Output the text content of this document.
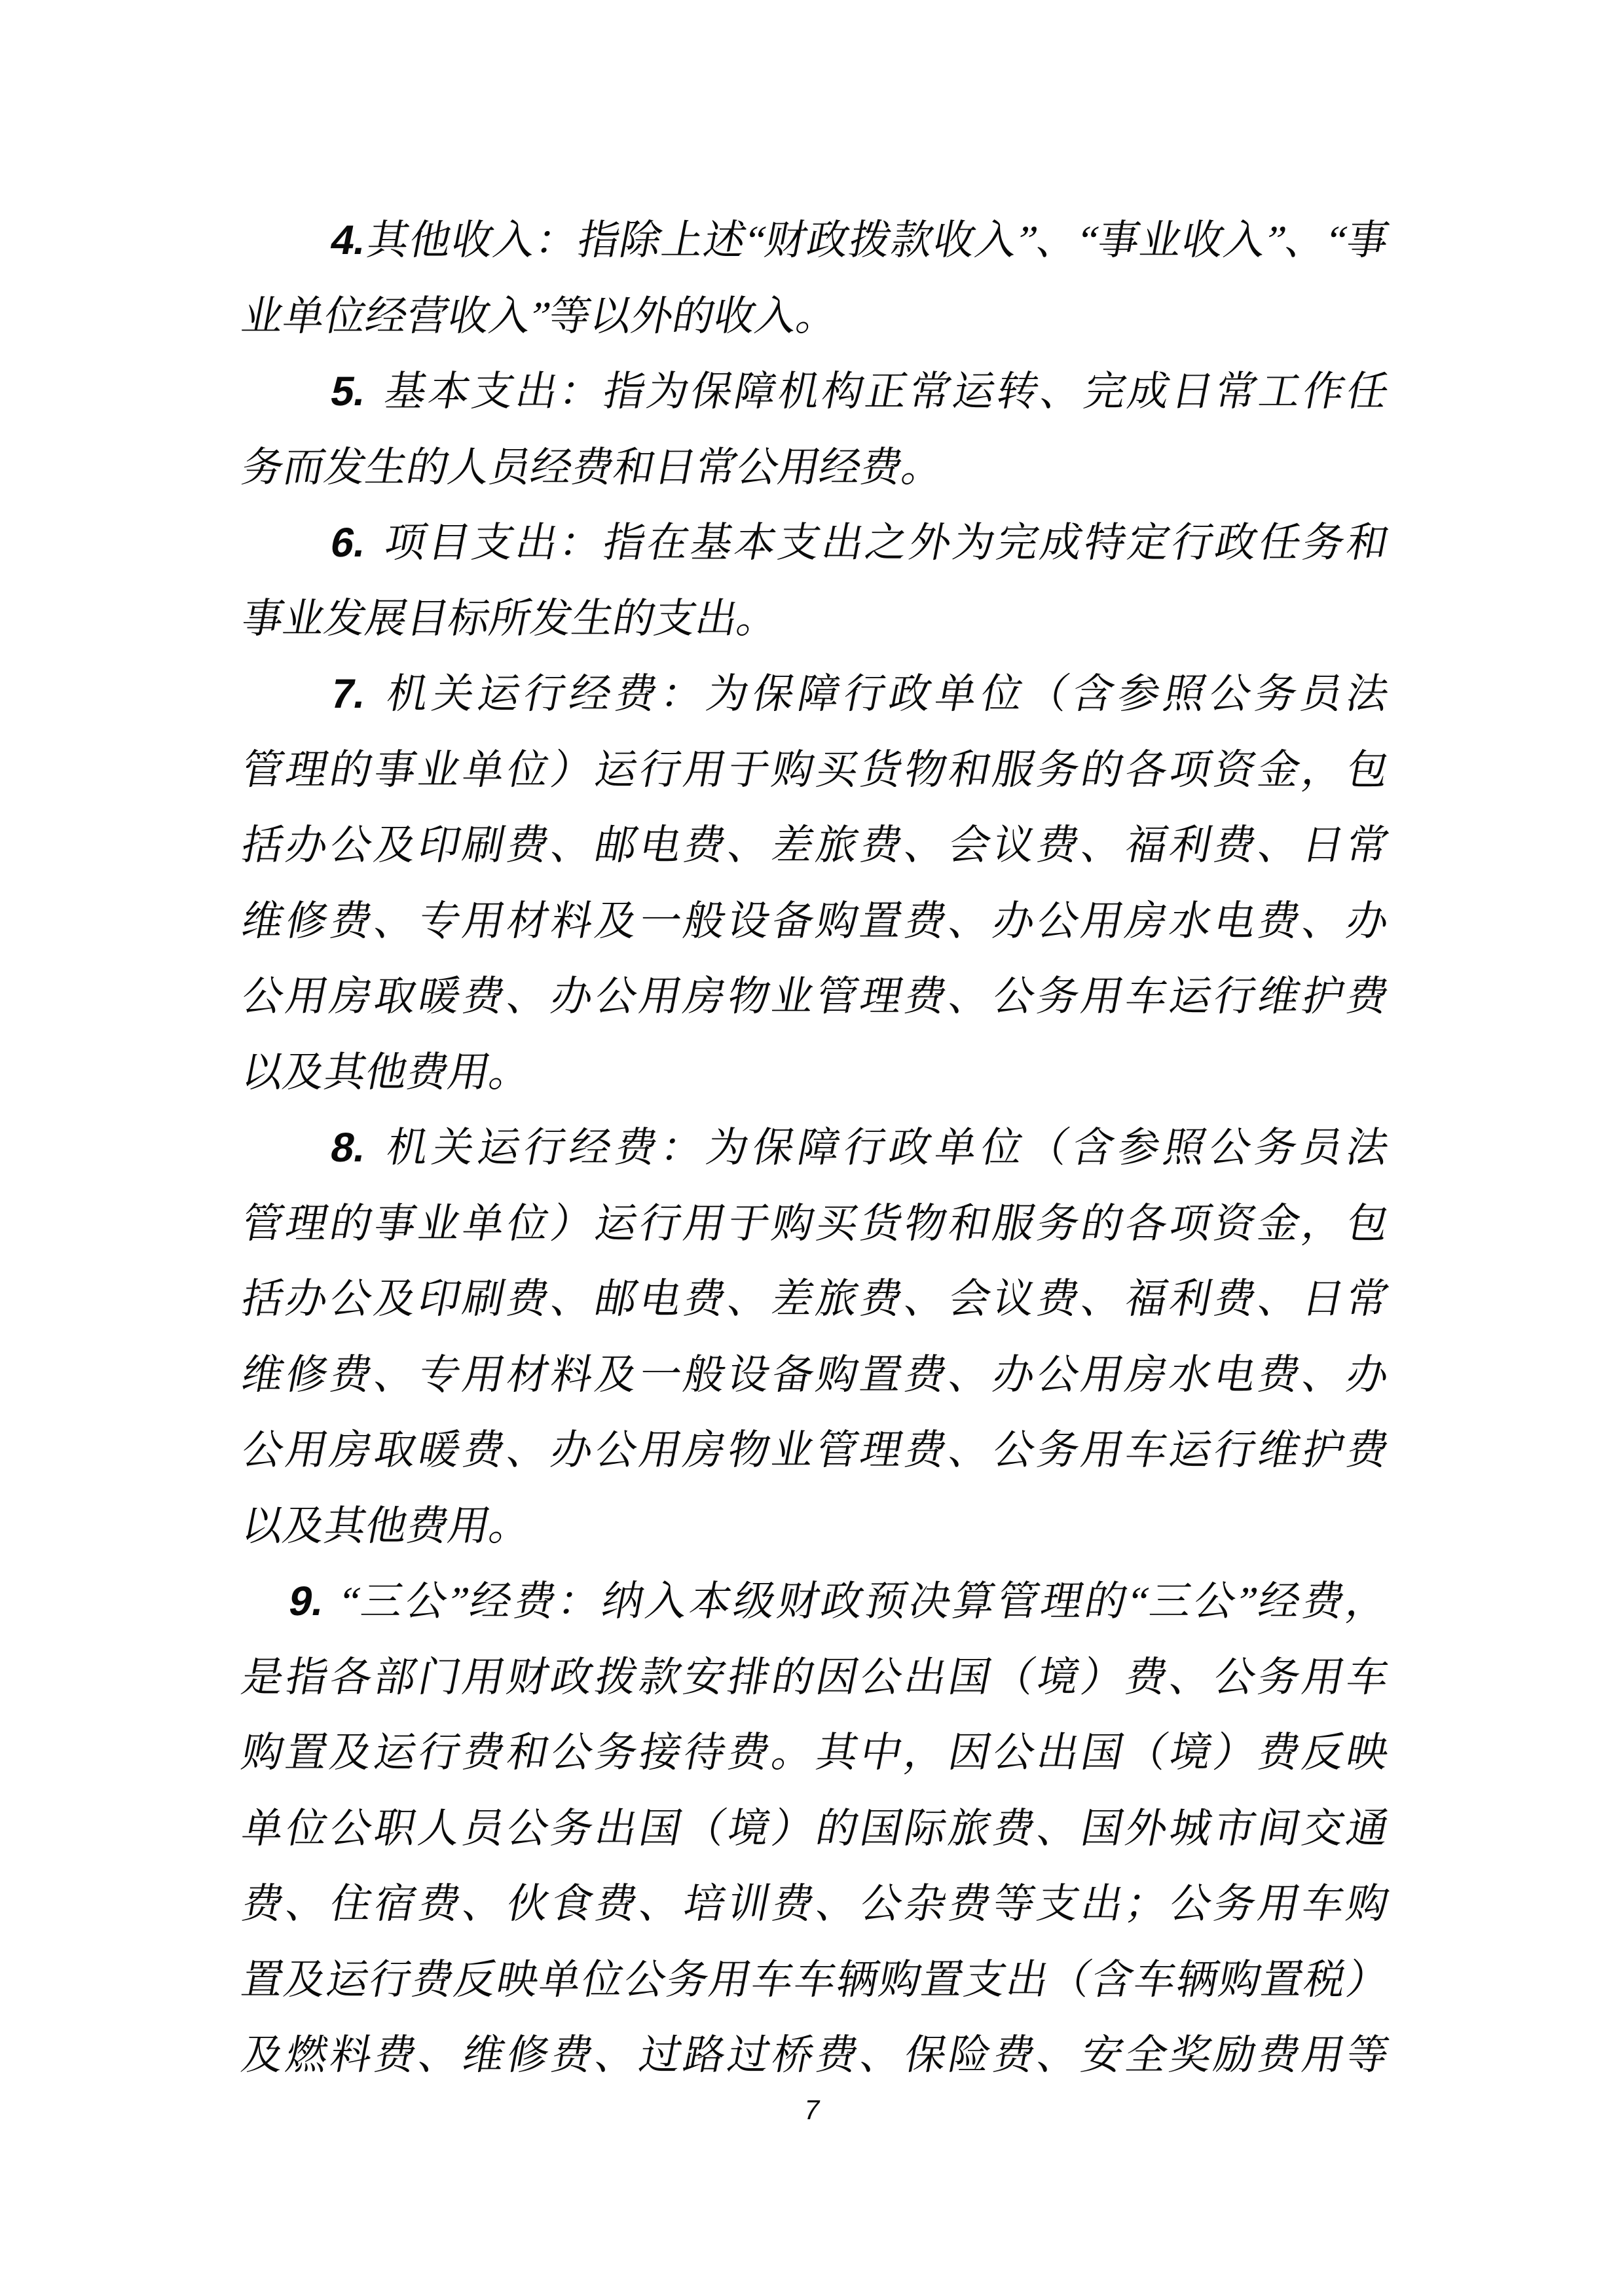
4.其他收入：指除上述“财政拨款收入”、“事业收入”、“事
业单位经营收入”等以外的收入。
5. 基本支出：指为保障机构正常运转、完成日常工作任
务而发生的人员经费和日常公用经费。
6. 项目支出：指在基本支出之外为完成特定行政任务和
事业发展目标所发生的支出。
7. 机关运行经费：为保障行政单位（含参照公务员法
管理的事业单位）运行用于购买货物和服务的各项资金，包
括办公及印刷费、邮电费、差旅费、会议费、福利费、日常
维修费、专用材料及一般设备购置费、办公用房水电费、办
公用房取暖费、办公用房物业管理费、公务用车运行维护费
以及其他费用。
8. 机关运行经费：为保障行政单位（含参照公务员法
管理的事业单位）运行用于购买货物和服务的各项资金，包
括办公及印刷费、邮电费、差旅费、会议费、福利费、日常
维修费、专用材料及一般设备购置费、办公用房水电费、办
公用房取暖费、办公用房物业管理费、公务用车运行维护费
以及其他费用。
9. “三公”经费：纳入本级财政预决算管理的“三公”经费，
是指各部门用财政拨款安排的因公出国（境）费、公务用车
购置及运行费和公务接待费。其中，因公出国（境）费反映
单位公职人员公务出国（境）的国际旅费、国外城市间交通
费、住宿费、伙食费、培训费、公杂费等支出；公务用车购
置及运行费反映单位公务用车车辆购置支出（含车辆购置税）
及燃料费、维修费、过路过桥费、保险费、安全奖励费用等
7
